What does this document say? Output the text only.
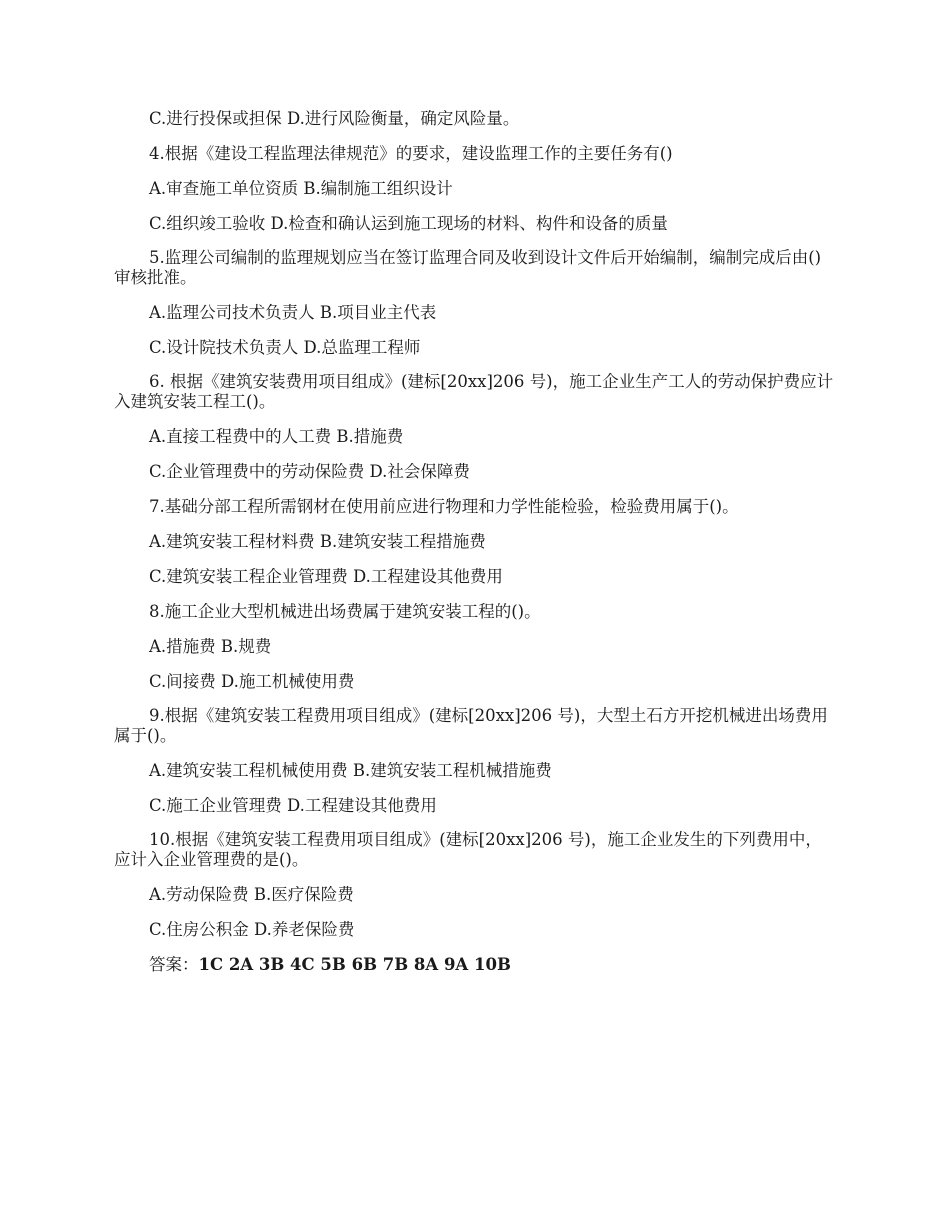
C.进行投保或担保 D.进行风险衡量，确定风险量。

4.根据《建设工程监理法律规范》的要求，建设监理工作的主要任务有()

A.审查施工单位资质 B.编制施工组织设计

C.组织竣工验收 D.检查和确认运到施工现场的材料、构件和设备的质量

5.监理公司编制的监理规划应当在签订监理合同及收到设计文件后开始编制，编制完成后由()审核批准。

A.监理公司技术负责人 B.项目业主代表

C.设计院技术负责人 D.总监理工程师

6. 根据《建筑安装费用项目组成》(建标[20xx]206 号)，施工企业生产工人的劳动保护费应计入建筑安装工程工()。

A.直接工程费中的人工费 B.措施费

C.企业管理费中的劳动保险费 D.社会保障费

7.基础分部工程所需钢材在使用前应进行物理和力学性能检验，检验费用属于()。

A.建筑安装工程材料费 B.建筑安装工程措施费

C.建筑安装工程企业管理费 D.工程建设其他费用

8.施工企业大型机械进出场费属于建筑安装工程的()。

A.措施费 B.规费

C.间接费 D.施工机械使用费

9.根据《建筑安装工程费用项目组成》(建标[20xx]206 号)，大型土石方开挖机械进出场费用属于()。

A.建筑安装工程机械使用费 B.建筑安装工程机械措施费

C.施工企业管理费 D.工程建设其他费用

10.根据《建筑安装工程费用项目组成》(建标[20xx]206 号)，施工企业发生的下列费用中，应计入企业管理费的是()。

A.劳动保险费 B.医疗保险费

C.住房公积金 D.养老保险费

答案：1C 2A 3B 4C 5B 6B 7B 8A 9A 10B
